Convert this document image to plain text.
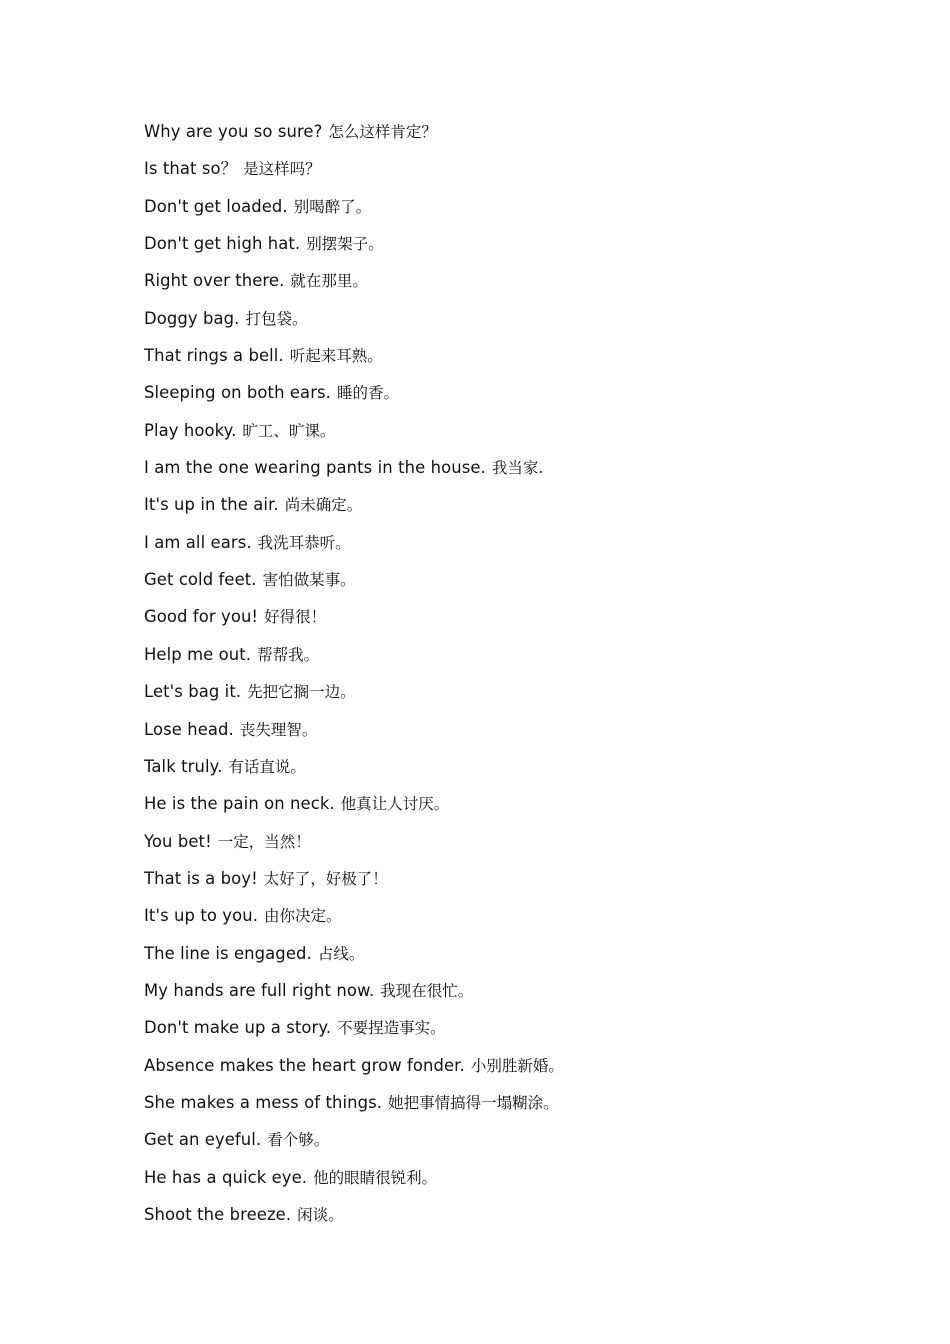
Why are you so sure? 怎么这样肯定？
Is that so？ 是这样吗？
Don't get loaded. 别喝醉了。
Don't get high hat. 别摆架子。
Right over there. 就在那里。
Doggy bag. 打包袋。
That rings a bell. 听起来耳熟。
Sleeping on both ears. 睡的香。
Play hooky. 旷工、旷课。
I am the one wearing pants in the house. 我当家.
It's up in the air. 尚未确定。
I am all ears. 我洗耳恭听。
Get cold feet. 害怕做某事。
Good for you! 好得很！
Help me out. 帮帮我。
Let's bag it. 先把它搁一边。
Lose head. 丧失理智。
Talk truly. 有话直说。
He is the pain on neck. 他真让人讨厌。
You bet! 一定，当然！
That is a boy! 太好了，好极了！
It's up to you. 由你决定。
The line is engaged. 占线。
My hands are full right now. 我现在很忙。
Don't make up a story. 不要捏造事实。
Absence makes the heart grow fonder. 小别胜新婚。
She makes a mess of things. 她把事情搞得一塌糊涂。
Get an eyeful. 看个够。
He has a quick eye. 他的眼睛很锐利。
Shoot the breeze. 闲谈。
